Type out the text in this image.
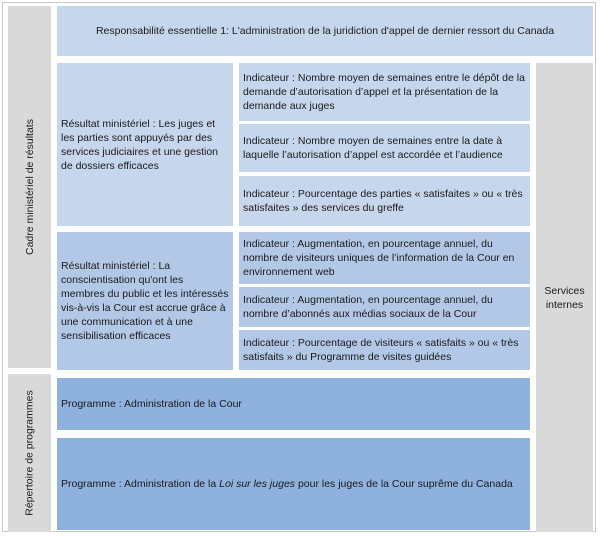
Cadre ministériel de résultats
Répertoire de programmes
Responsabilité essentielle 1: L'administration de la juridiction d'appel de dernier ressort du Canada
Résultat ministériel : Les juges et les parties sont appuyés par des services judiciaires et une gestion de dossiers efficaces
Indicateur : Nombre moyen de semaines entre le dépôt de la demande d’autorisation d’appel et la présentation de la demande aux juges
Indicateur : Nombre moyen de semaines entre la date à laquelle l’autorisation d’appel est accordée et l’audience
Indicateur : Pourcentage des parties « satisfaites » ou « très satisfaites » des services du greffe
Résultat ministériel : La conscientisation qu'ont les membres du public et les intéressés vis-à-vis la Cour est accrue grâce à une communication et à une sensibilisation efficaces
Indicateur : Augmentation, en pourcentage annuel, du nombre de visiteurs uniques de l’information de la Cour en environnement web
Indicateur : Augmentation, en pourcentage annuel, du nombre d’abonnés aux médias sociaux de la Cour
Indicateur : Pourcentage de visiteurs « satisfaits » ou « très satisfaits » du Programme de visites guidées
Services internes
Programme : Administration de la Cour
Programme : Administration de la Loi sur les juges pour les juges de la Cour suprême du Canada
